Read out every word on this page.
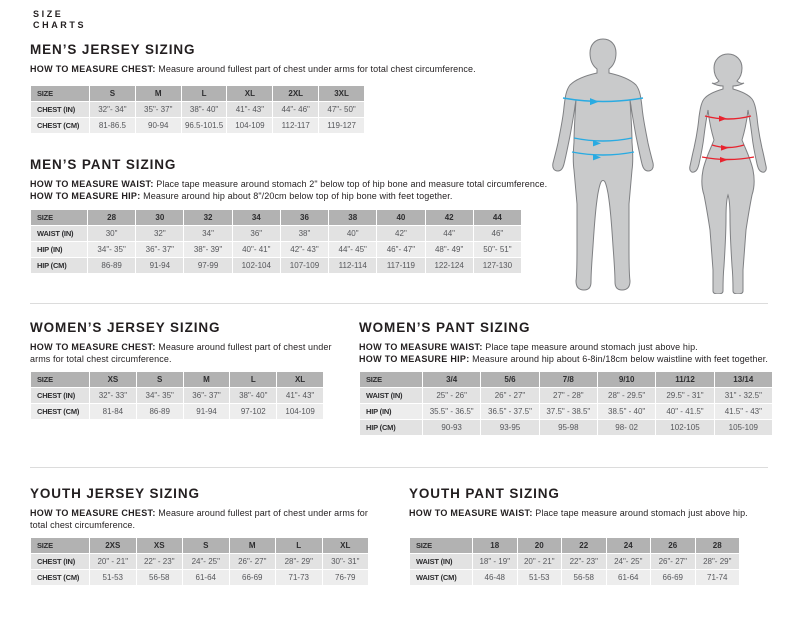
SIZE
CHARTS
MEN’S JERSEY SIZING

HOW TO MEASURE CHEST: Measure around fullest part of chest under arms for total chest circumference.

SIZE	S	M	L	XL	2XL	3XL
CHEST (IN)	32"- 34"	35"- 37"	38"- 40"	41"- 43"	44"- 46"	47"- 50"
CHEST (CM)	81-86.5	90-94	96.5-101.5	104-109	112-117	119-127
MEN’S PANT SIZING

HOW TO MEASURE WAIST: Place tape measure around stomach 2" below top of hip bone and measure total circumference.

HOW TO MEASURE HIP: Measure around hip about 8"/20cm below top of hip bone with feet together.

SIZE	28	30	32	34	36	38	40	42	44
WAIST (IN)	30"	32"	34"	36"	38"	40"	42"	44"	46"
HIP (IN)	34"- 35"	36"- 37"	38"- 39"	40"- 41"	42"- 43"	44"- 45"	46"- 47"	48"- 49"	50"- 51"
HIP (CM)	86-89	91-94	97-99	102-104	107-109	112-114	117-119	122-124	127-130
WOMEN’S JERSEY SIZING

HOW TO MEASURE CHEST: Measure around fullest part of chest under arms for total chest circumference.

SIZE	XS	S	M	L	XL
CHEST (IN)	32"- 33"	34"- 35"	36"- 37"	38"- 40"	41"- 43"
CHEST (CM)	81-84	86-89	91-94	97-102	104-109
WOMEN’S PANT SIZING

HOW TO MEASURE WAIST: Place tape measure around stomach just above hip.

HOW TO MEASURE HIP: Measure around hip about 6-8in/18cm below waistline with feet together.

SIZE	3/4	5/6	7/8	9/10	11/12	13/14
WAIST (IN)	25" - 26"	26" - 27"	27" - 28"	28" - 29.5"	29.5" - 31"	31" - 32.5"
HIP (IN)	35.5" - 36.5"	36.5" - 37.5"	37.5" - 38.5"	38.5" - 40"	40" - 41.5"	41.5" - 43"
HIP (CM)	90-93	93-95	95-98	98- 02	102-105	105-109
YOUTH JERSEY SIZING

HOW TO MEASURE CHEST: Measure around fullest part of chest under arms for total chest circumference.

SIZE	2XS	XS	S	M	L	XL
CHEST (IN)	20" - 21"	22" - 23"	24"- 25"	26"- 27"	28"- 29"	30"- 31"
CHEST (CM)	51-53	56-58	61-64	66-69	71-73	76-79
YOUTH PANT SIZING

HOW TO MEASURE WAIST: Place tape measure around stomach just above hip.

SIZE	18	20	22	24	26	28
WAIST (IN)	18" - 19"	20" - 21"	22"- 23"	24"- 25"	26"- 27"	28"- 29"
WAIST (CM)	46-48	51-53	56-58	61-64	66-69	71-74
